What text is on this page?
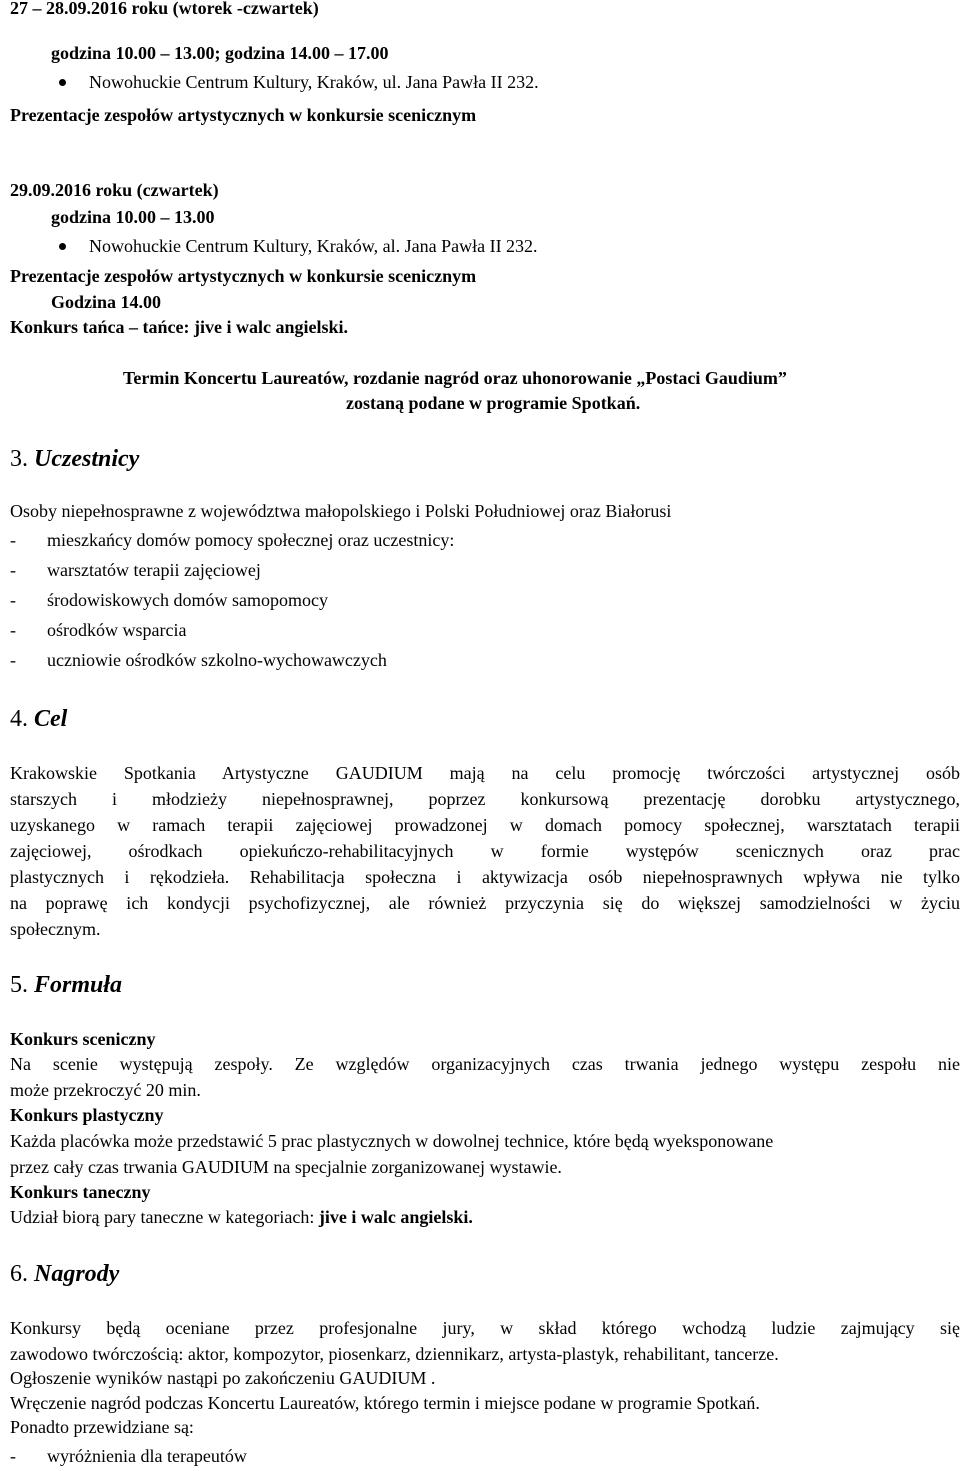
27 – 28.09.2016 roku (wtorek -czwartek)
godzina 10.00 – 13.00; godzina 14.00 – 17.00
Nowohuckie Centrum Kultury, Kraków, ul. Jana Pawła II 232.
Prezentacje zespołów artystycznych w konkursie scenicznym
29.09.2016 roku (czwartek)
godzina 10.00 – 13.00
Nowohuckie Centrum Kultury, Kraków, al. Jana Pawła II 232.
Prezentacje zespołów artystycznych w konkursie scenicznym
Godzina 14.00
Konkurs tańca – tańce: jive i walc angielski.
Termin Koncertu Laureatów, rozdanie nagród oraz uhonorowanie „Postaci Gaudium”
zostaną podane w programie Spotkań.
3. Uczestnicy
Osoby niepełnosprawne z województwa małopolskiego i Polski Południowej oraz Białorusi
- mieszkańcy domów pomocy społecznej oraz uczestnicy:
- warsztatów terapii zajęciowej
- środowiskowych domów samopomocy
- ośrodków wsparcia
- uczniowie ośrodków szkolno-wychowawczych
4. Cel
Krakowskie Spotkania Artystyczne GAUDIUM mają na celu promocję twórczości artystycznej osób
starszych i młodzieży niepełnosprawnej, poprzez konkursową prezentację dorobku artystycznego,
uzyskanego w ramach terapii zajęciowej prowadzonej w domach pomocy społecznej, warsztatach terapii
zajęciowej, ośrodkach opiekuńczo-rehabilitacyjnych w formie występów scenicznych oraz prac
plastycznych i rękodzieła. Rehabilitacja społeczna i aktywizacja osób niepełnosprawnych wpływa nie tylko
na poprawę ich kondycji psychofizycznej, ale również przyczynia się do większej samodzielności w życiu
społecznym.
5. Formuła
Konkurs sceniczny
Na scenie występują zespoły. Ze względów organizacyjnych czas trwania jednego występu zespołu nie
może przekroczyć 20 min.
Konkurs plastyczny
Każda placówka może przedstawić 5 prac plastycznych w dowolnej technice, które będą wyeksponowane
przez cały czas trwania GAUDIUM na specjalnie zorganizowanej wystawie.
Konkurs taneczny
Udział biorą pary taneczne w kategoriach: jive i walc angielski.
6. Nagrody
Konkursy będą oceniane przez profesjonalne jury, w skład którego wchodzą ludzie zajmujący się
zawodowo twórczością: aktor, kompozytor, piosenkarz, dziennikarz, artysta-plastyk, rehabilitant, tancerze.
Ogłoszenie wyników nastąpi po zakończeniu GAUDIUM .
Wręczenie nagród podczas Koncertu Laureatów, którego termin i miejsce podane w programie Spotkań.
Ponadto przewidziane są:
- wyróżnienia dla terapeutów
